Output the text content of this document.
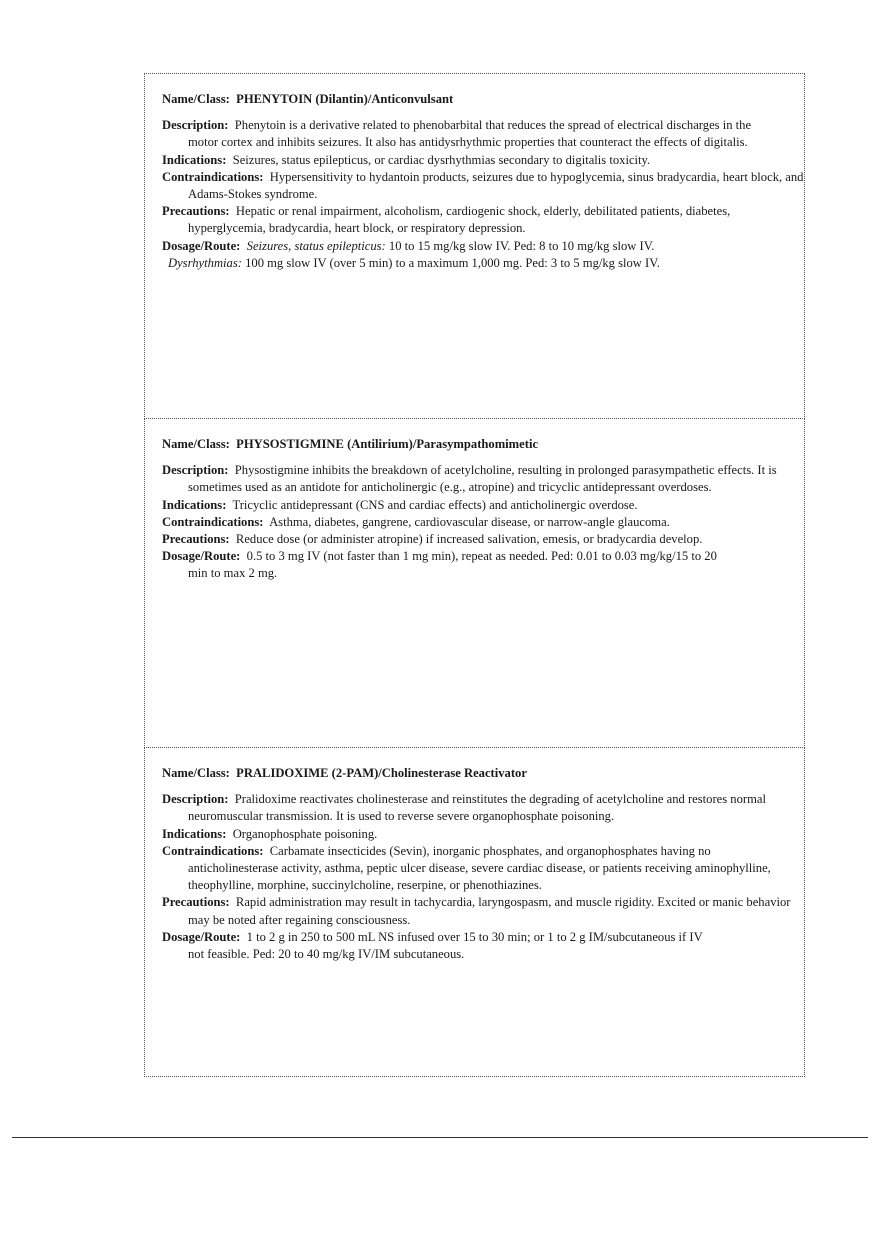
Name/Class: PHENYTOIN (Dilantin)/Anticonvulsant
Description: Phenytoin is a derivative related to phenobarbital that reduces the spread of electrical discharges in the motor cortex and inhibits seizures. It also has antidysrhythmic properties that counteract the effects of digitalis.
Indications: Seizures, status epilepticus, or cardiac dysrhythmias secondary to digitalis toxicity.
Contraindications: Hypersensitivity to hydantoin products, seizures due to hypoglycemia, sinus bradycardia, heart block, and Adams-Stokes syndrome.
Precautions: Hepatic or renal impairment, alcoholism, cardiogenic shock, elderly, debilitated patients, diabetes, hyperglycemia, bradycardia, heart block, or respiratory depression.
Dosage/Route: Seizures, status epilepticus: 10 to 15 mg/kg slow IV. Ped: 8 to 10 mg/kg slow IV.
Dysrhythmias: 100 mg slow IV (over 5 min) to a maximum 1,000 mg. Ped: 3 to 5 mg/kg slow IV.
Name/Class: PHYSOSTIGMINE (Antilirium)/Parasympathomimetic
Description: Physostigmine inhibits the breakdown of acetylcholine, resulting in prolonged parasympathetic effects. It is sometimes used as an antidote for anticholinergic (e.g., atropine) and tricyclic antidepressant overdoses.
Indications: Tricyclic antidepressant (CNS and cardiac effects) and anticholinergic overdose.
Contraindications: Asthma, diabetes, gangrene, cardiovascular disease, or narrow-angle glaucoma.
Precautions: Reduce dose (or administer atropine) if increased salivation, emesis, or bradycardia develop.
Dosage/Route: 0.5 to 3 mg IV (not faster than 1 mg min), repeat as needed. Ped: 0.01 to 0.03 mg/kg/15 to 20 min to max 2 mg.
Name/Class: PRALIDOXIME (2-PAM)/Cholinesterase Reactivator
Description: Pralidoxime reactivates cholinesterase and reinstitutes the degrading of acetylcholine and restores normal neuromuscular transmission. It is used to reverse severe organophosphate poisoning.
Indications: Organophosphate poisoning.
Contraindications: Carbamate insecticides (Sevin), inorganic phosphates, and organophosphates having no anticholinesterase activity, asthma, peptic ulcer disease, severe cardiac disease, or patients receiving aminophylline, theophylline, morphine, succinylcholine, reserpine, or phenothiazines.
Precautions: Rapid administration may result in tachycardia, laryngospasm, and muscle rigidity. Excited or manic behavior may be noted after regaining consciousness.
Dosage/Route: 1 to 2 g in 250 to 500 mL NS infused over 15 to 30 min; or 1 to 2 g IM/subcutaneous if IV not feasible. Ped: 20 to 40 mg/kg IV/IM subcutaneous.
